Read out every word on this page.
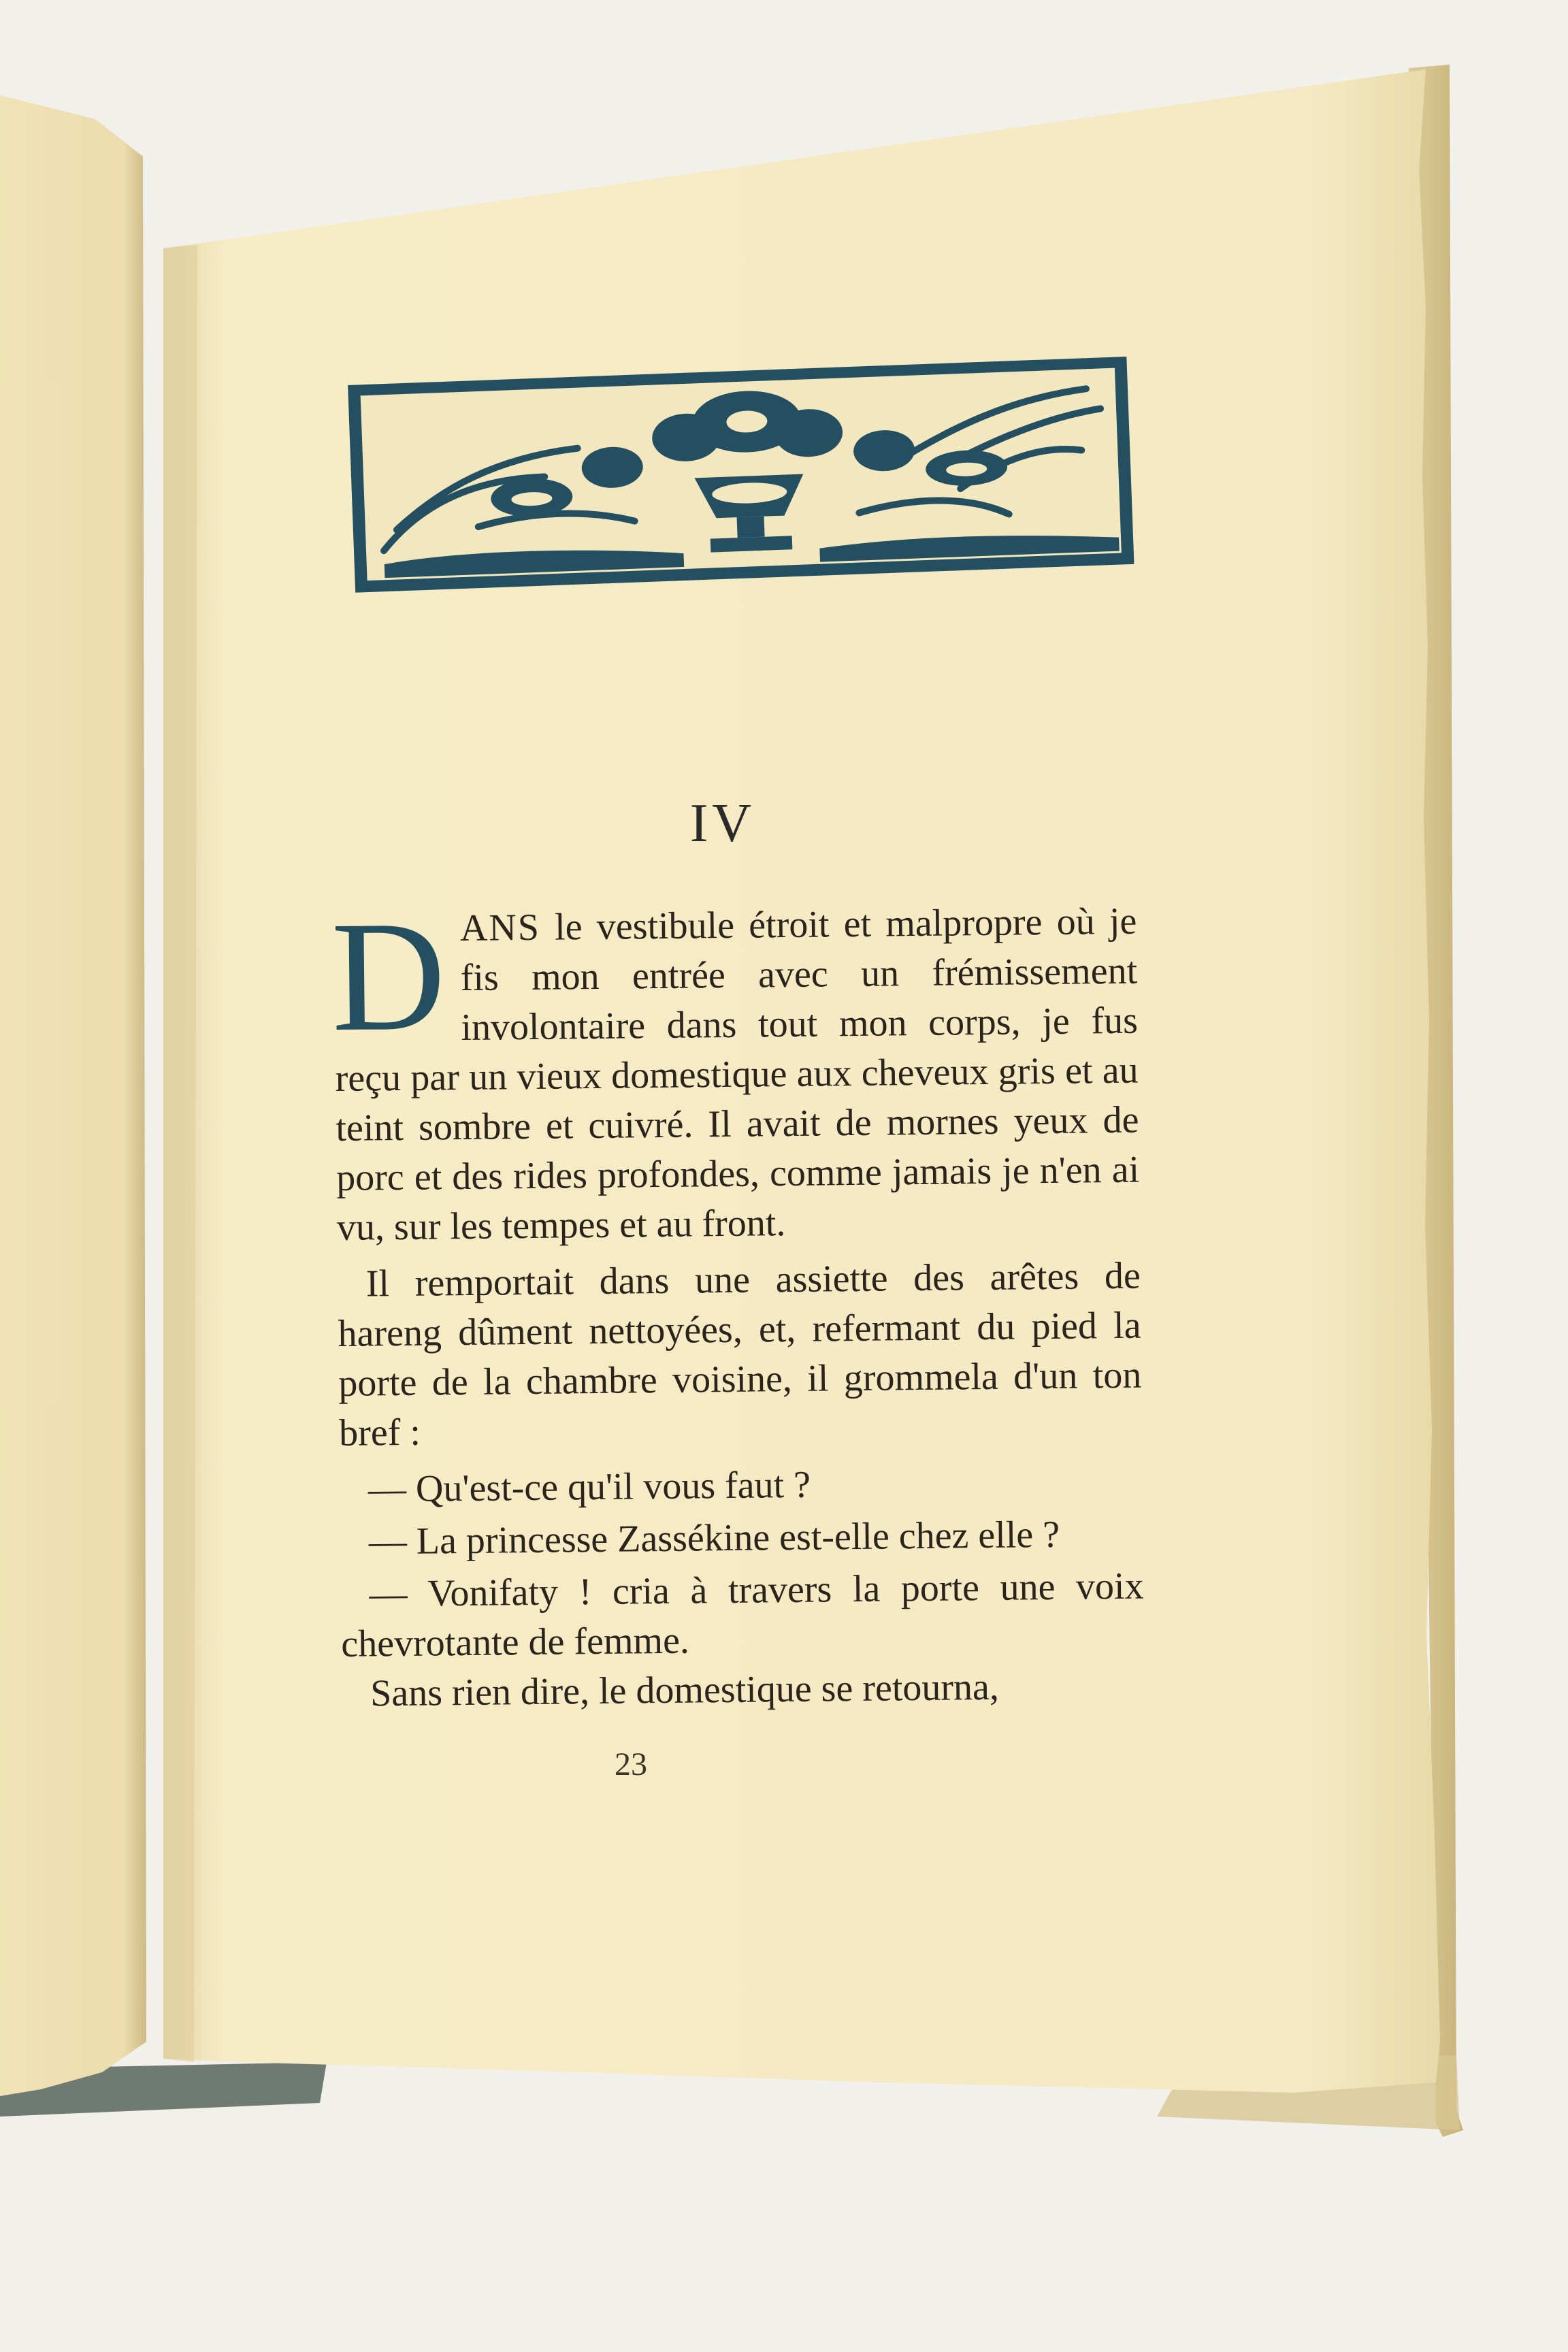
IV

DANS le vestibule étroit et malpropre où je fis mon entrée avec un frémissement involontaire dans tout mon corps, je fus reçu par un vieux domestique aux cheveux gris et au teint sombre et cuivré. Il avait de mornes yeux de porc et des rides profondes, comme jamais je n'en ai vu, sur les tempes et au front.

Il remportait dans une assiette des arêtes de hareng dûment nettoyées, et, refermant du pied la porte de la chambre voisine, il grommela d'un ton bref :

— Qu'est-ce qu'il vous faut ?

— La princesse Zassékine est-elle chez elle ?

— Vonifaty ! cria à travers la porte une voix chevrotante de femme.

Sans rien dire, le domestique se retourna,

23
